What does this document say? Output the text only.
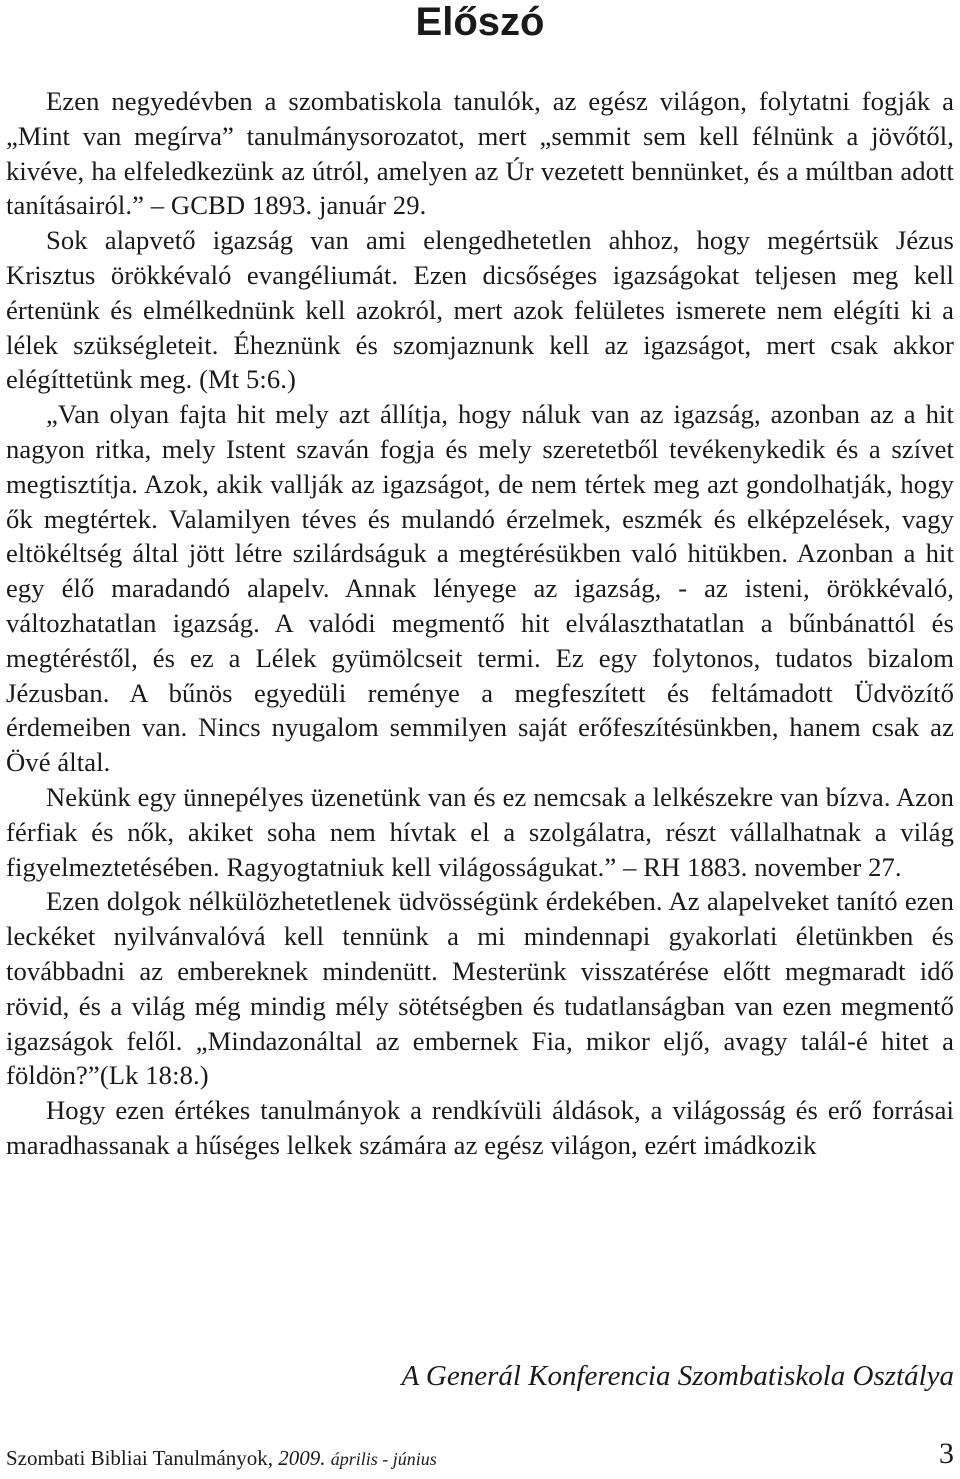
Előszó

Ezen negyedévben a szombatiskola tanulók, az egész világon, folytatni fogják a „Mint van megírva” tanulmánysorozatot, mert „semmit sem kell félnünk a jövőtől, kivéve, ha elfeledkezünk az útról, amelyen az Úr vezetett bennünket, és a múltban adott tanításairól.” – GCBD 1893. január 29.

Sok alapvető igazság van ami elengedhetetlen ahhoz, hogy megértsük Jézus Krisztus örökkévaló evangéliumát. Ezen dicsőséges igazságokat teljesen meg kell értenünk és elmélkednünk kell azokról, mert azok felületes ismerete nem elégíti ki a lélek szükségleteit. Éheznünk és szomjaznunk kell az igazságot, mert csak akkor elégíttetünk meg. (Mt 5:6.)

„Van olyan fajta hit mely azt állítja, hogy náluk van az igazság, azonban az a hit nagyon ritka, mely Istent szaván fogja és mely szeretetből tevékenykedik és a szívet megtisztítja. Azok, akik vallják az igazságot, de nem tértek meg azt gondolhatják, hogy ők megtértek. Valamilyen téves és mulandó érzelmek, eszmék és elképzelések, vagy eltökéltség által jött létre szilárdságuk a megtérésükben való hitükben. Azonban a hit egy élő maradandó alapelv. Annak lényege az igazság, - az isteni, örökkévaló, változhatatlan igazság. A valódi megmentő hit elválaszthatatlan a bűnbánattól és megtéréstől, és ez a Lélek gyümölcseit termi. Ez egy folytonos, tudatos bizalom Jézusban. A bűnös egyedüli reménye a megfeszített és feltámadott Üdvözítő érdemeiben van. Nincs nyugalom semmilyen saját erőfeszítésünkben, hanem csak az Övé által.

Nekünk egy ünnepélyes üzenetünk van és ez nemcsak a lelkészekre van bízva. Azon férfiak és nők, akiket soha nem hívtak el a szolgálatra, részt vállalhatnak a világ figyelmeztetésében. Ragyogtatniuk kell világosságukat.” – RH 1883. november 27.

Ezen dolgok nélkülözhetetlenek üdvösségünk érdekében. Az alapelveket tanító ezen leckéket nyilvánvalóvá kell tennünk a mi mindennapi gyakorlati életünkben és továbbadni az embereknek mindenütt. Mesterünk visszatérése előtt megmaradt idő rövid, és a világ még mindig mély sötétségben és tudatlanságban van ezen megmentő igazságok felől. „Mindazonáltal az embernek Fia, mikor eljő, avagy talál-é hitet a földön?”(Lk 18:8.)

Hogy ezen értékes tanulmányok a rendkívüli áldások, a világosság és erő forrásai maradhassanak a hűséges lelkek számára az egész világon, ezért imádkozik

A Generál Konferencia Szombatiskola Osztálya
Szombati Bibliai Tanulmányok, 2009. április - június	3
